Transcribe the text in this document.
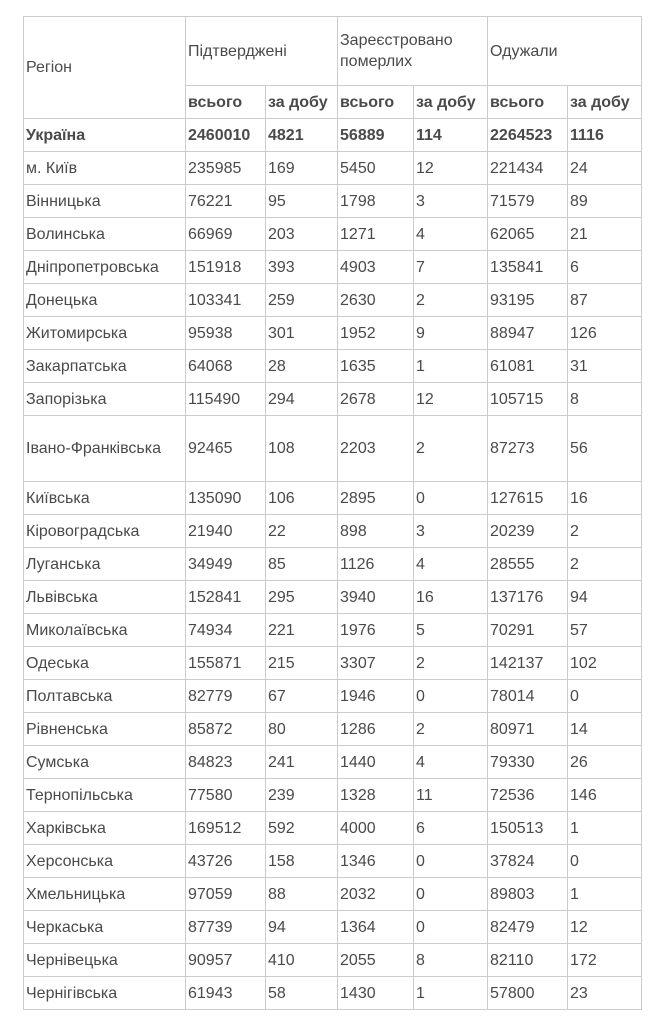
Регіон	Підтверджені		Зареєстровано померлих		Одужали	
	всього	за добу	всього	за добу	всього	за добу
Україна	2460010	4821	56889	114	2264523	1116
м. Київ	235985	169	5450	12	221434	24
Вінницька	76221	95	1798	3	71579	89
Волинська	66969	203	1271	4	62065	21
Дніпропетровська	151918	393	4903	7	135841	6
Донецька	103341	259	2630	2	93195	87
Житомирська	95938	301	1952	9	88947	126
Закарпатська	64068	28	1635	1	61081	31
Запорізька	115490	294	2678	12	105715	8
Івано-Франківська	92465	108	2203	2	87273	56
Київська	135090	106	2895	0	127615	16
Кіровоградська	21940	22	898	3	20239	2
Луганська	34949	85	1126	4	28555	2
Львівська	152841	295	3940	16	137176	94
Миколаївська	74934	221	1976	5	70291	57
Одеська	155871	215	3307	2	142137	102
Полтавська	82779	67	1946	0	78014	0
Рівненська	85872	80	1286	2	80971	14
Сумська	84823	241	1440	4	79330	26
Тернопільська	77580	239	1328	11	72536	146
Харківська	169512	592	4000	6	150513	1
Херсонська	43726	158	1346	0	37824	0
Хмельницька	97059	88	2032	0	89803	1
Черкаська	87739	94	1364	0	82479	12
Чернівецька	90957	410	2055	8	82110	172
Чернігівська	61943	58	1430	1	57800	23
